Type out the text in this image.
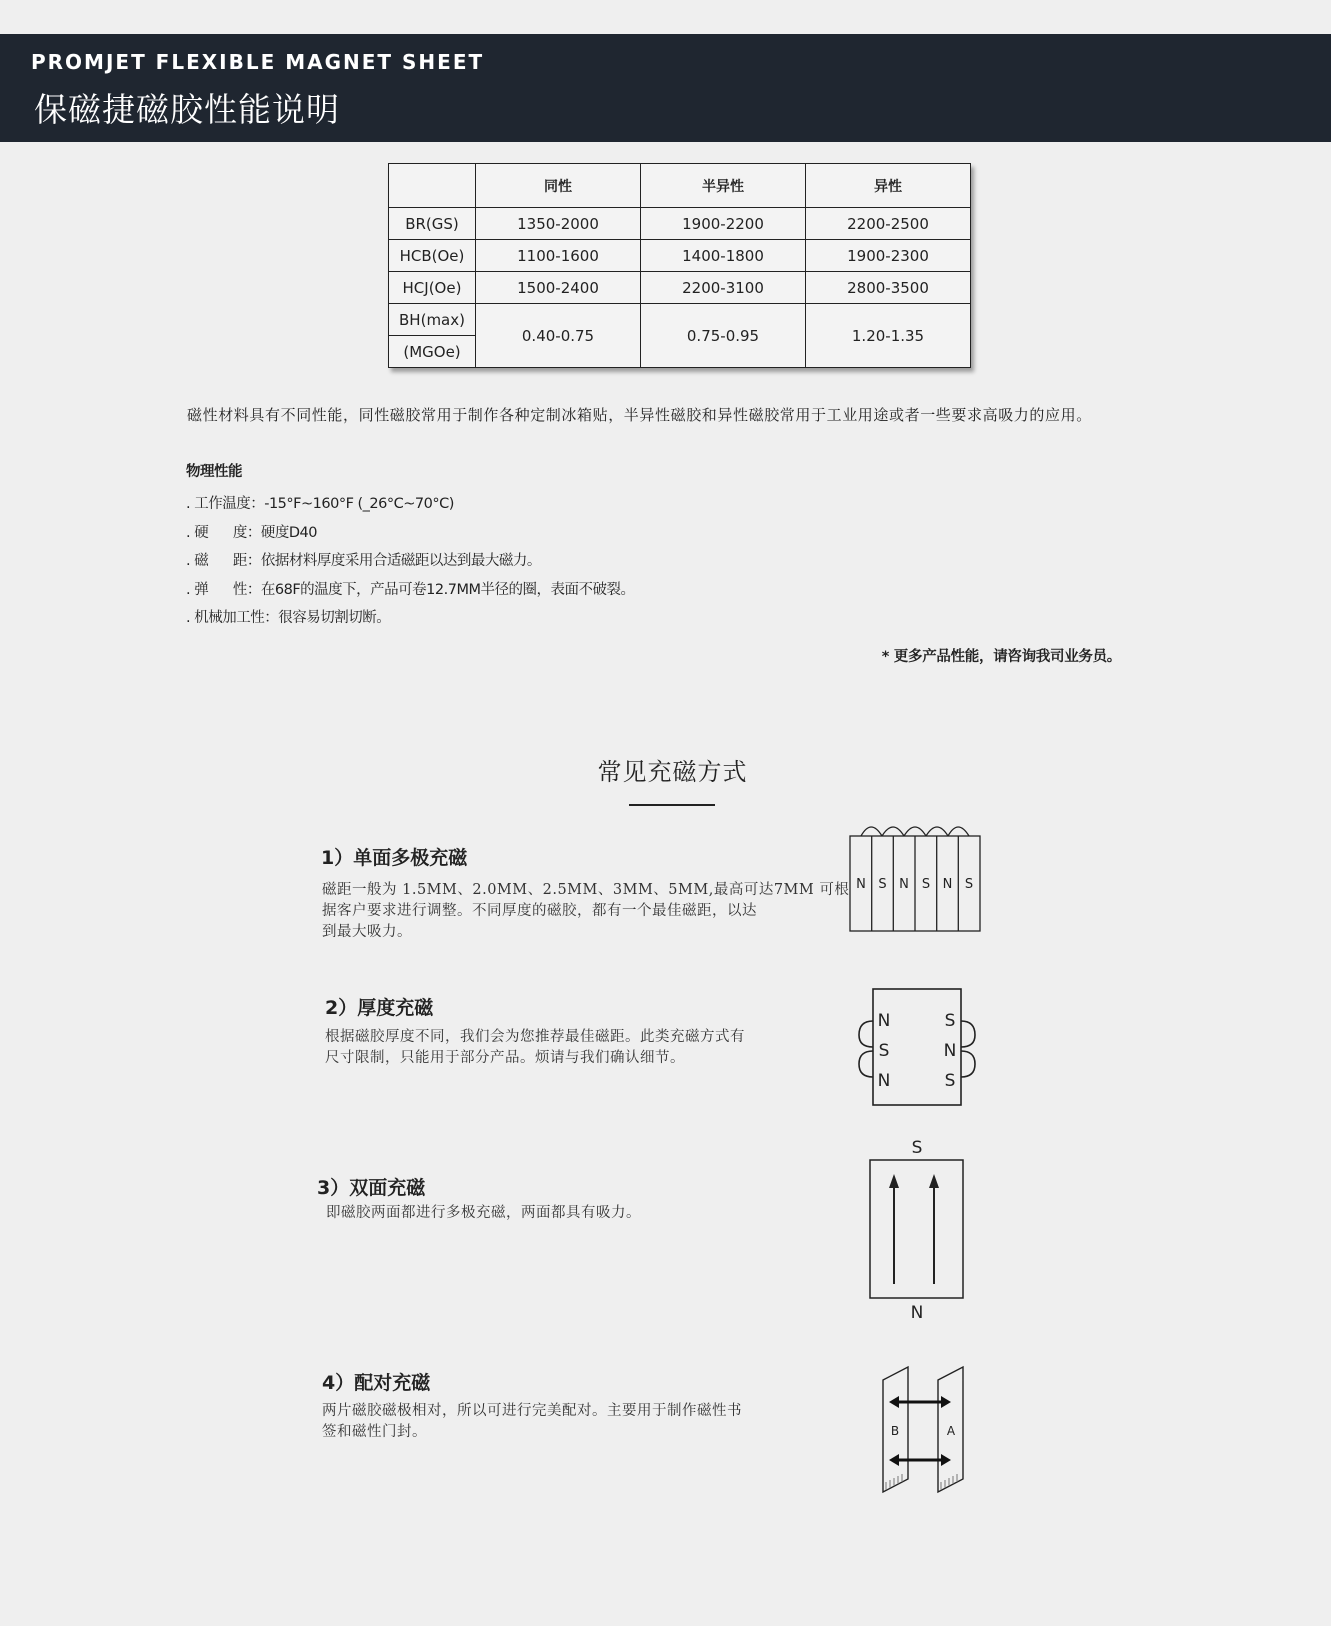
PROMJET FLEXIBLE MAGNET SHEET
保磁捷磁胶性能说明
	同性	半异性	异性
BR(GS)	1350-2000	1900-2200	2200-2500
HCB(Oe)	1100-1600	1400-1800	1900-2300
HCJ(Oe)	1500-2400	2200-3100	2800-3500
BH(max)	0.40-0.75	0.75-0.95	1.20-1.35
(MGOe)			
磁性材料具有不同性能，同性磁胶常用于制作各种定制冰箱贴，半异性磁胶和异性磁胶常用于工业用途或者一些要求高吸力的应用。
物理性能
. 工作温度：-15°F~160°F (_26°C~70°C)
. 硬      度：硬度D40
. 磁      距：依据材料厚度采用合适磁距以达到最大磁力。
. 弹      性：在68F的温度下，产品可卷12.7MM半径的圈，表面不破裂。
. 机械加工性：很容易切割切断。
* 更多产品性能，请咨询我司业务员。
常见充磁方式
1）单面多极充磁
磁距一般为 1.5MM、2.0MM、2.5MM、3MM、5MM,最高可达7MM 可根
据客户要求进行调整。不同厚度的磁胶，都有一个最佳磁距，以达
到最大吸力。
N S N S N S
2）厚度充磁
根据磁胶厚度不同，我们会为您推荐最佳磁距。此类充磁方式有
尺寸限制，只能用于部分产品。烦请与我们确认细节。
N
S
N
S
N
S
3）双面充磁
即磁胶两面都进行多极充磁，两面都具有吸力。
S
N
4）配对充磁
两片磁胶磁极相对，所以可进行完美配对。主要用于制作磁性书
签和磁性门封。	B	A
